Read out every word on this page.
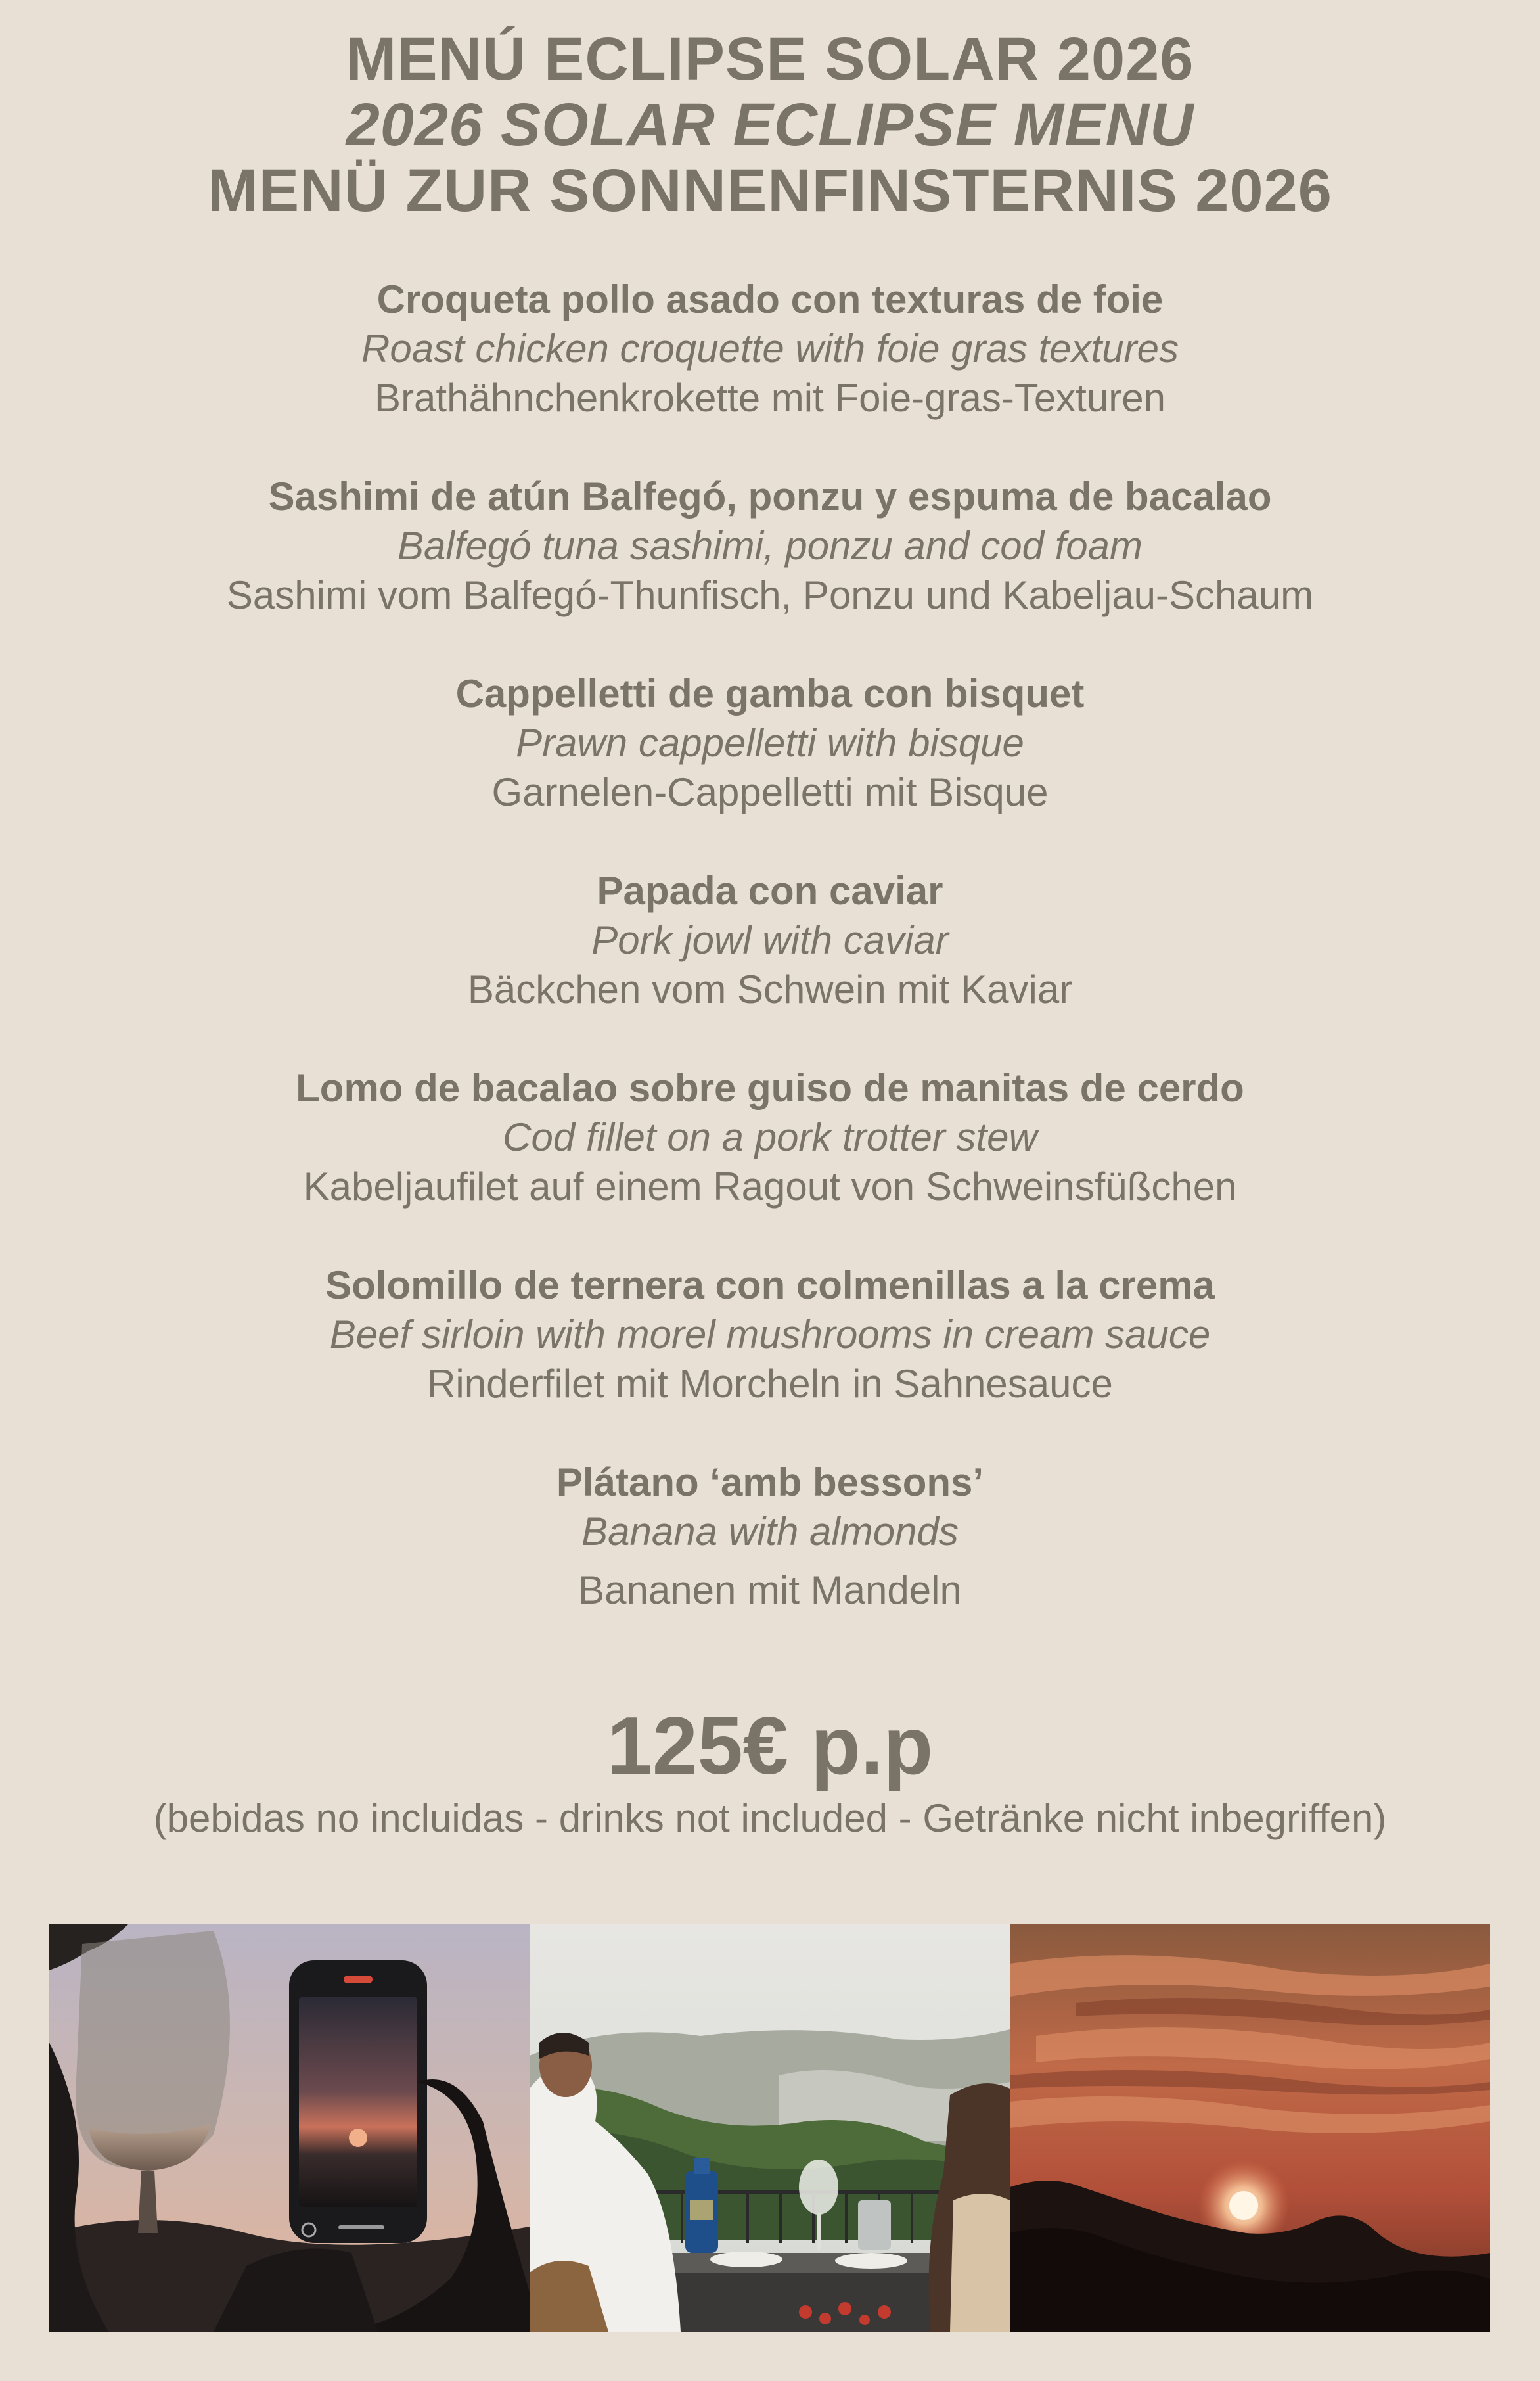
MENÚ ECLIPSE SOLAR 2026
2026 SOLAR ECLIPSE MENU
MENÜ ZUR SONNENFINSTERNIS 2026
Croqueta pollo asado con texturas de foie
Roast chicken croquette with foie gras textures
Brathähnchenkrokette mit Foie-gras-Texturen
Sashimi de atún Balfegó, ponzu y espuma de bacalao
Balfegó tuna sashimi, ponzu and cod foam
Sashimi vom Balfegó-Thunfisch, Ponzu und Kabeljau-Schaum
Cappelletti de gamba con bisquet
Prawn cappelletti with bisque
Garnelen-Cappelletti mit Bisque
Papada con caviar
Pork jowl with caviar
Bäckchen vom Schwein mit Kaviar
Lomo de bacalao sobre guiso de manitas de cerdo
Cod fillet on a pork trotter stew
Kabeljaufilet auf einem Ragout von Schweinsfüßchen
Solomillo de ternera con colmenillas a la crema
Beef sirloin with morel mushrooms in cream sauce
Rinderfilet mit Morcheln in Sahnesauce
Plátano ‘amb bessons’
Banana with almonds
Bananen mit Mandeln
125€ p.p
(bebidas no incluidas - drinks not included - Getränke nicht inbegriffen)
